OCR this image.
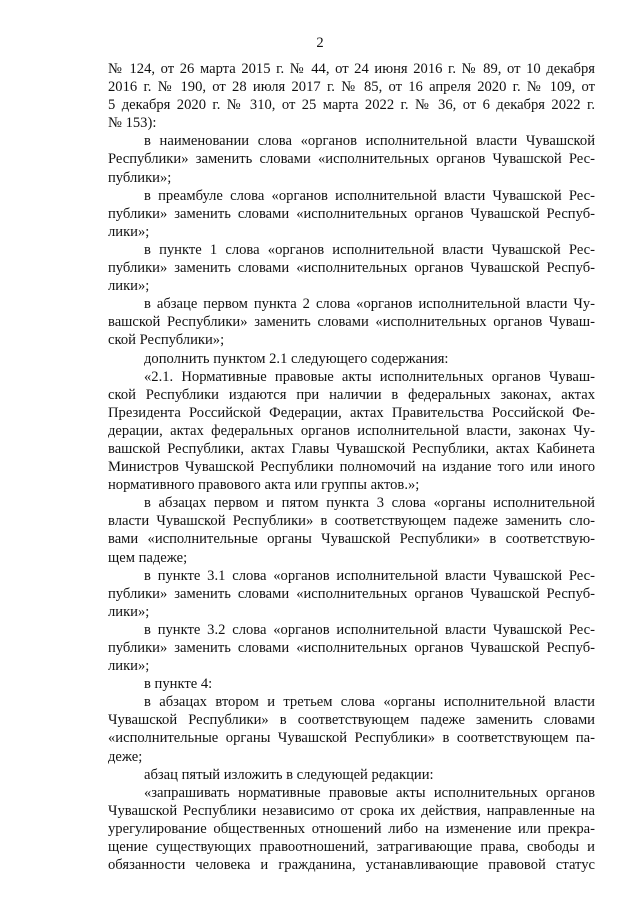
2
№ 124, от 26 марта 2015 г. № 44, от 24 июня 2016 г. № 89, от 10 декабря
2016 г. № 190, от 28 июля 2017 г. № 85, от 16 апреля 2020 г. № 109, от
5 декабря 2020 г. № 310, от 25 марта 2022 г. № 36, от 6 декабря 2022 г.
№ 153):
в наименовании слова «органов исполнительной власти Чувашской
Республики» заменить словами «исполнительных органов Чувашской Рес-
публики»;
в преамбуле слова «органов исполнительной власти Чувашской Рес-
публики» заменить словами «исполнительных органов Чувашской Респуб-
лики»;
в пункте 1 слова «органов исполнительной власти Чувашской Рес-
публики» заменить словами «исполнительных органов Чувашской Респуб-
лики»;
в абзаце первом пункта 2 слова «органов исполнительной власти Чу-
вашской Республики» заменить словами «исполнительных органов Чуваш-
ской Республики»;
дополнить пунктом 2.1 следующего содержания:
«2.1. Нормативные правовые акты исполнительных органов Чуваш-
ской Республики издаются при наличии в федеральных законах, актах
Президента Российской Федерации, актах Правительства Российской Фе-
дерации, актах федеральных органов исполнительной власти, законах Чу-
вашской Республики, актах Главы Чувашской Республики, актах Кабинета
Министров Чувашской Республики полномочий на издание того или иного
нормативного правового акта или группы актов.»;
в абзацах первом и пятом пункта 3 слова «органы исполнительной
власти Чувашской Республики» в соответствующем падеже заменить сло-
вами «исполнительные органы Чувашской Республики» в соответствую-
щем падеже;
в пункте 3.1 слова «органов исполнительной власти Чувашской Рес-
публики» заменить словами «исполнительных органов Чувашской Респуб-
лики»;
в пункте 3.2 слова «органов исполнительной власти Чувашской Рес-
публики» заменить словами «исполнительных органов Чувашской Респуб-
лики»;
в пункте 4:
в абзацах втором и третьем слова «органы исполнительной власти
Чувашской Республики» в соответствующем падеже заменить словами
«исполнительные органы Чувашской Республики» в соответствующем па-
деже;
абзац пятый изложить в следующей редакции:
«запрашивать нормативные правовые акты исполнительных органов
Чувашской Республики независимо от срока их действия, направленные на
урегулирование общественных отношений либо на изменение или прекра-
щение существующих правоотношений, затрагивающие права, свободы и
обязанности человека и гражданина, устанавливающие правовой статус
